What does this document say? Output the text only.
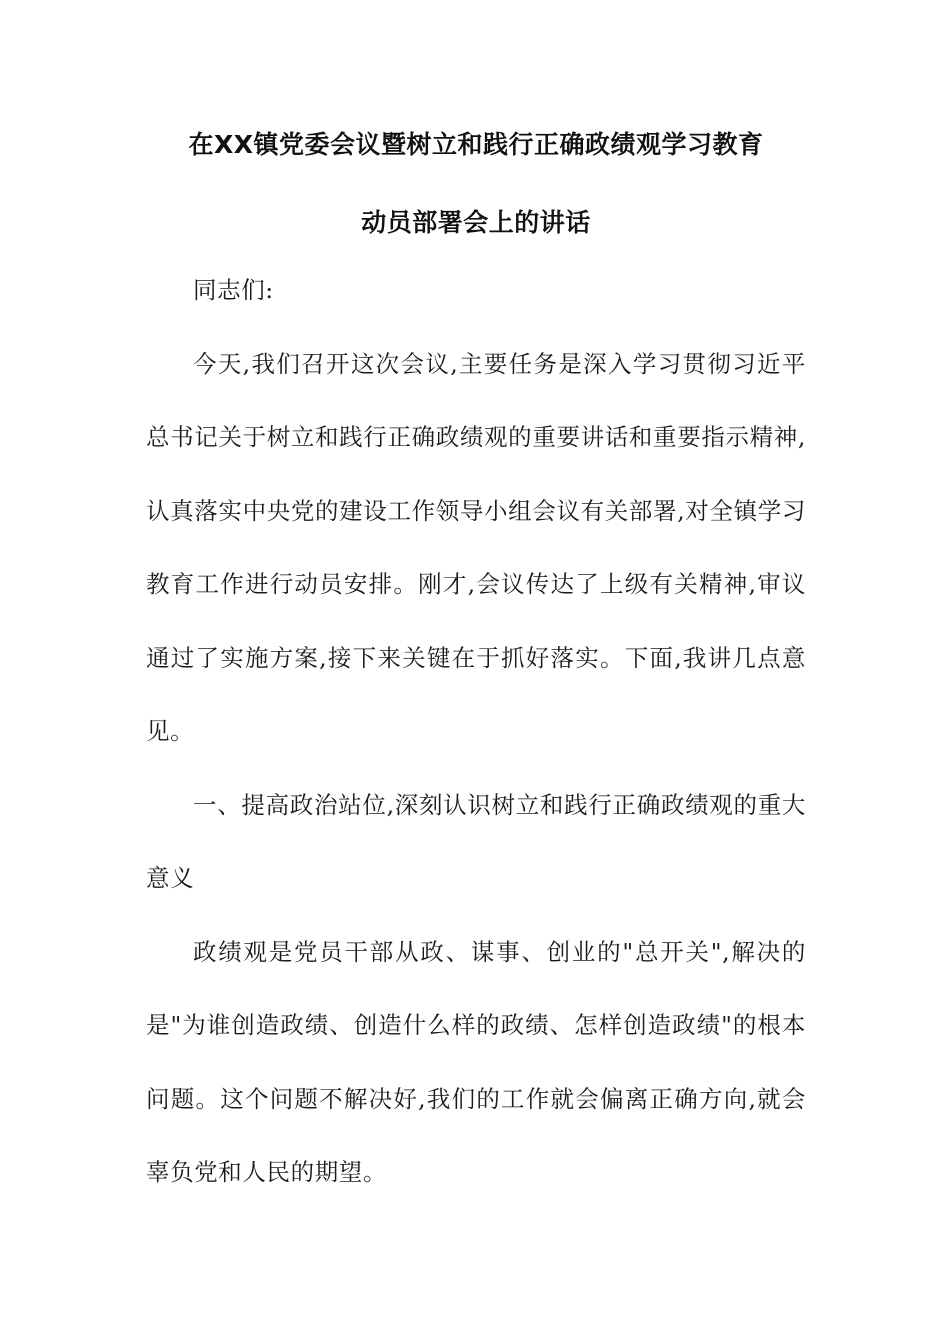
在XX镇党委会议暨树立和践行正确政绩观学习教育
动员部署会上的讲话

同志们:

今天,我们召开这次会议,主要任务是深入学习贯彻习近平总书记关于树立和践行正确政绩观的重要讲话和重要指示精神,认真落实中央党的建设工作领导小组会议有关部署,对全镇学习教育工作进行动员安排。刚才,会议传达了上级有关精神,审议通过了实施方案,接下来关键在于抓好落实。下面,我讲几点意见。

一、提高政治站位,深刻认识树立和践行正确政绩观的重大意义

政绩观是党员干部从政、谋事、创业的"总开关",解决的是"为谁创造政绩、创造什么样的政绩、怎样创造政绩"的根本问题。这个问题不解决好,我们的工作就会偏离正确方向,就会辜负党和人民的期望。
